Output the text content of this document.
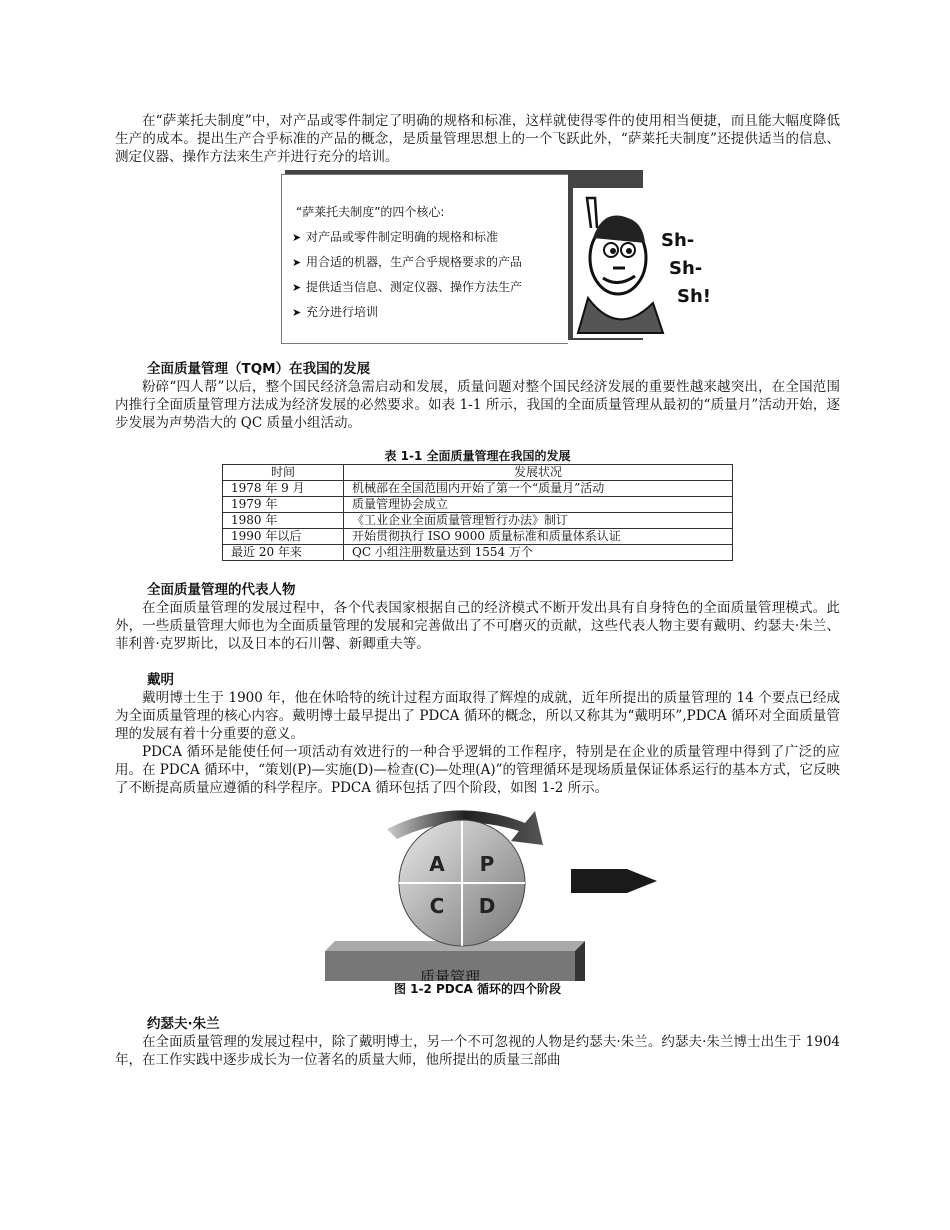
在“萨莱托夫制度”中，对产品或零件制定了明确的规格和标准，这样就使得零件的使用相当便捷，而且能大幅度降低生产的成本。提出生产合乎标准的产品的概念，是质量管理思想上的一个飞跃此外，“萨莱托夫制度”还提供适当的信息、测定仪器、操作方法来生产并进行充分的培训。

“萨莱托夫制度”的四个核心:
➤ 对产品或零件制定明确的规格和标准
➤ 用合适的机器，生产合乎规格要求的产品
➤ 提供适当信息、测定仪器、操作方法生产
➤ 充分进行培训
Sh-
Sh-
Sh!
全面质量管理（TQM）在我国的发展

粉碎“四人帮”以后，整个国民经济急需启动和发展，质量问题对整个国民经济发展的重要性越来越突出，在全国范围内推行全面质量管理方法成为经济发展的必然要求。如表 1-1 所示，我国的全面质量管理从最初的“质量月”活动开始，逐步发展为声势浩大的 QC 质量小组活动。

表 1-1 全面质量管理在我国的发展
时间	发展状况
1978 年 9 月	机械部在全国范围内开始了第一个“质量月”活动
1979 年	质量管理协会成立
1980 年	《工业企业全面质量管理暂行办法》制订
1990 年以后	开始贯彻执行 ISO 9000 质量标准和质量体系认证
最近 20 年来	QC 小组注册数量达到 1554 万个
全面质量管理的代表人物

在全面质量管理的发展过程中，各个代表国家根据自己的经济模式不断开发出具有自身特色的全面质量管理模式。此外，一些质量管理大师也为全面质量管理的发展和完善做出了不可磨灭的贡献，这些代表人物主要有戴明、约瑟夫·朱兰、菲利普·克罗斯比，以及日本的石川馨、新卿重夫等。

戴明

戴明博士生于 1900 年，他在休哈特的统计过程方面取得了辉煌的成就，近年所提出的质量管理的 14 个要点已经成为全面质量管理的核心内容。戴明博士最早提出了 PDCA 循环的概念，所以又称其为“戴明环”,PDCA 循环对全面质量管理的发展有着十分重要的意义。

PDCA 循环是能使任何一项活动有效进行的一种合乎逻辑的工作程序，特别是在企业的质量管理中得到了广泛的应用。在 PDCA 循环中，“策划(P)—实施(D)—检查(C)—处理(A)”的管理循环是现场质量保证体系运行的基本方式，它反映了不断提高质量应遵循的科学程序。PDCA 循环包括了四个阶段，如图 1-2 所示。

质量管理
A P
C D
图 1-2 PDCA 循环的四个阶段
约瑟夫·朱兰

在全面质量管理的发展过程中，除了戴明博士，另一个不可忽视的人物是约瑟夫·朱兰。约瑟夫·朱兰博士出生于 1904 年，在工作实践中逐步成长为一位著名的质量大师，他所提出的质量三部曲
